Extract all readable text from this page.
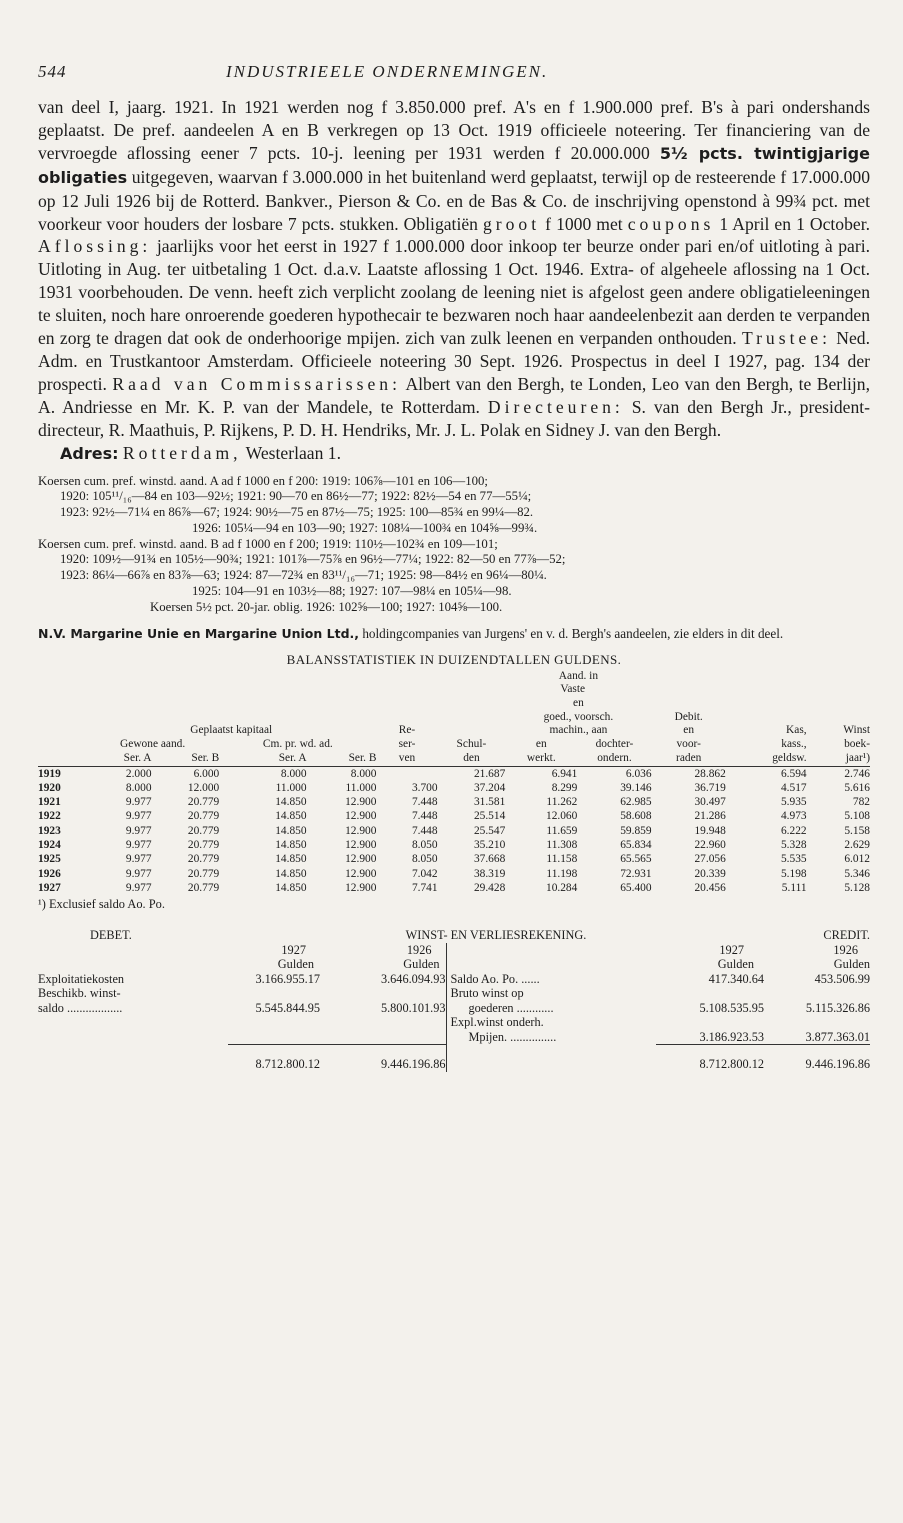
544	INDUSTRIEELE ONDERNEMINGEN.

van deel I, jaarg. 1921. In 1921 werden nog f 3.850.000 pref. A's en f 1.900.000 pref. B's à pari ondershands geplaatst. De pref. aandeelen A en B verkregen op 13 Oct. 1919 officieele noteering. Ter financiering van de vervroegde aflossing eener 7 pcts. 10-j. leening per 1931 werden f 20.000.000 5½ pcts. twintigjarige obligaties uitgegeven, waarvan f 3.000.000 in het buitenland werd geplaatst, terwijl op de resteerende f 17.000.000 op 12 Juli 1926 bij de Rotterd. Bankver., Pierson & Co. en de Bas & Co. de inschrijving openstond à 99¾ pct. met voorkeur voor houders der losbare 7 pcts. stukken. Obligatiën groot f 1000 met coupons 1 April en 1 October. Aflossing: jaarlijks voor het eerst in 1927 f 1.000.000 door inkoop ter beurze onder pari en/of uitloting à pari. Uitloting in Aug. ter uitbetaling 1 Oct. d.a.v. Laatste aflossing 1 Oct. 1946. Extra- of algeheele aflossing na 1 Oct. 1931 voorbehouden. De venn. heeft zich verplicht zoolang de leening niet is afgelost geen andere obligatieleeningen te sluiten, noch hare onroerende goederen hypothecair te bezwaren noch haar aandeelenbezit aan derden te verpanden en zorg te dragen dat ook de onderhoorige mpijen. zich van zulk leenen en verpanden onthouden. Trustee: Ned. Adm. en Trustkantoor Amsterdam. Officieele noteering 30 Sept. 1926. Prospectus in deel I 1927, pag. 134 der prospecti. Raad van Commissarissen: Albert van den Bergh, te Londen, Leo van den Bergh, te Berlijn, A. Andriesse en Mr. K. P. van der Mandele, te Rotterdam. Directeuren: S. van den Bergh Jr., president-directeur, R. Maathuis, P. Rijkens, P. D. H. Hendriks, Mr. J. L. Polak en Sidney J. van den Bergh.

Adres: Rotterdam, Westerlaan 1.

Koersen cum. pref. winstd. aand. A ad f 1000 en f 200: 1919: 106⅞—101 en 106—100;
1920: 105¹¹/₁₆—84 en 103—92½; 1921: 90—70 en 86½—77; 1922: 82½—54 en 77—55¼;
1923: 92½—71¼ en 86⅞—67; 1924: 90½—75 en 87½—75; 1925: 100—85¾ en 99¼—82.
1926: 105¼—94 en 103—90; 1927: 108¼—100¾ en 104⅝—99¾.
Koersen cum. pref. winstd. aand. B ad f 1000 en f 200; 1919: 110½—102¾ en 109—101;
1920: 109½—91¾ en 105½—90¾; 1921: 101⅞—75⅞ en 96½—77¼; 1922: 82—50 en 77⅞—52;
1923: 86¼—66⅞ en 83⅞—63; 1924: 87—72¾ en 83¹¹/₁₆—71; 1925: 98—84½ en 96¼—80¼.
1925: 104—91 en 103½—88; 1927: 107—98¼ en 105¼—98.
Koersen 5½ pct. 20-jar. oblig. 1926: 102⅝—100; 1927: 104⅝—100.
N.V. Margarine Unie en Margarine Union Ltd., holdingcompanies van Jurgens' en v. d. Bergh's aandeelen, zie elders in dit deel.
BALANSSTATISTIEK IN DUIZENDTALLEN GULDENS.
							Aand. in				
							Vaste				
							en				
							goed., voorsch.		Debit.		
	Geplaatst kapitaal				Re-		machin., aan		en	Kas,	Winst
	Gewone aand.		Cm. pr. wd. ad.		ser-	Schul-	en	dochter-	voor-	kass.,	boek-
	Ser. A	Ser. B	Ser. A	Ser. B	ven	den	werkt.	ondern.	raden	geldsw.	jaar¹)
1919	2.000	6.000	8.000	8.000		21.687	6.941	6.036	28.862	6.594	2.746
1920	8.000	12.000	11.000	11.000	3.700	37.204	8.299	39.146	36.719	4.517	5.616
1921	9.977	20.779	14.850	12.900	7.448	31.581	11.262	62.985	30.497	5.935	782
1922	9.977	20.779	14.850	12.900	7.448	25.514	12.060	58.608	21.286	4.973	5.108
1923	9.977	20.779	14.850	12.900	7.448	25.547	11.659	59.859	19.948	6.222	5.158
1924	9.977	20.779	14.850	12.900	8.050	35.210	11.308	65.834	22.960	5.328	2.629
1925	9.977	20.779	14.850	12.900	8.050	37.668	11.158	65.565	27.056	5.535	6.012
1926	9.977	20.779	14.850	12.900	7.042	38.319	11.198	72.931	20.339	5.198	5.346
1927	9.977	20.779	14.850	12.900	7.741	29.428	10.284	65.400	20.456	5.111	5.128
¹) Exclusief saldo Ao. Po.
DEBET.	WINST- EN VERLIESREKENING.				CREDIT.
	1927	1926		1927	1926
	Gulden	Gulden		Gulden	Gulden
Exploitatiekosten	3.166.955.17	3.646.094.93	Saldo Ao. Po. ......	417.340.64	453.506.99
Beschikb. winst-			Bruto winst op		
saldo ..................	5.545.844.95	5.800.101.93	goederen ............	5.108.535.95	5.115.326.86
			Expl.winst onderh.		
			Mpijen. ...............	3.186.923.53	3.877.363.01
	8.712.800.12	9.446.196.86		8.712.800.12	9.446.196.86
